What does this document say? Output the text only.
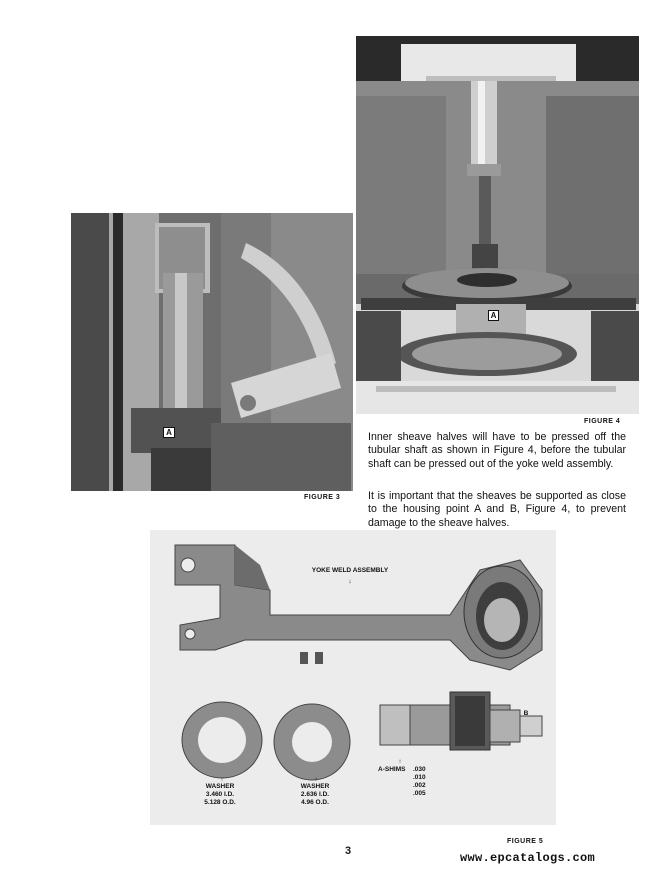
A
FIGURE 4
A
FIGURE 3

Inner sheave halves will have to be pressed off the tubular shaft as shown in Figure 4, before the tubular shaft can be pressed out of the yoke weld assembly.

It is important that the sheaves be supported as close to the housing point A and B, Figure 4, to prevent damage to the sheave halves.

YOKE WELD ASSEMBLY
↓
B
↑
WASHER
3.460 I.D.
5.128 O.D.
↑
WASHER
2.636 I.D.
4.96 O.D.
↑
A-SHIMS .030
.010
.002
.005
FIGURE 5
3	www.epcatalogs.com
